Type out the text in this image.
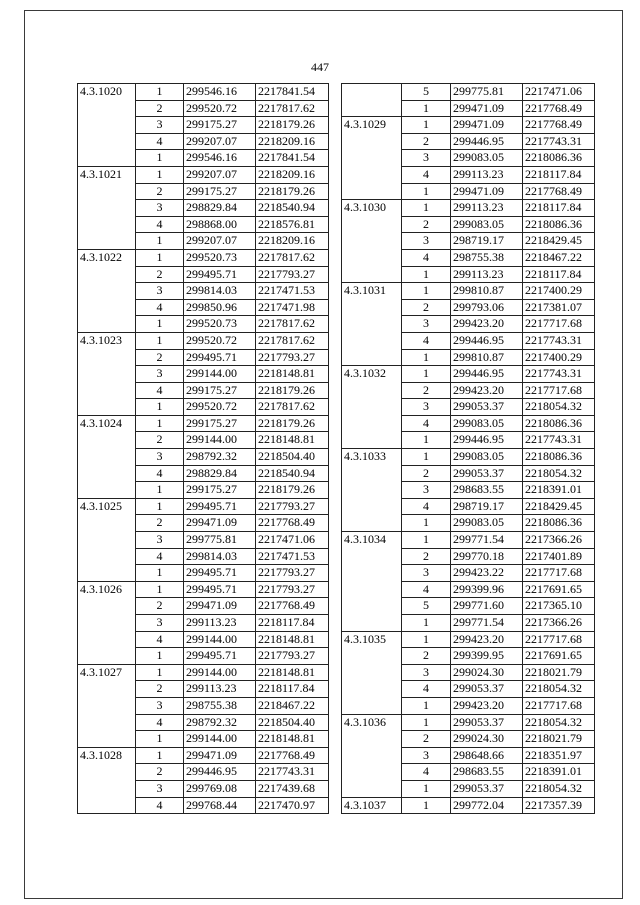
447
4.3.1020	1	299546.16	2217841.54
	2	299520.72	2217817.62
	3	299175.27	2218179.26
	4	299207.07	2218209.16
	1	299546.16	2217841.54
4.3.1021	1	299207.07	2218209.16
	2	299175.27	2218179.26
	3	298829.84	2218540.94
	4	298868.00	2218576.81
	1	299207.07	2218209.16
4.3.1022	1	299520.73	2217817.62
	2	299495.71	2217793.27
	3	299814.03	2217471.53
	4	299850.96	2217471.98
	1	299520.73	2217817.62
4.3.1023	1	299520.72	2217817.62
	2	299495.71	2217793.27
	3	299144.00	2218148.81
	4	299175.27	2218179.26
	1	299520.72	2217817.62
4.3.1024	1	299175.27	2218179.26
	2	299144.00	2218148.81
	3	298792.32	2218504.40
	4	298829.84	2218540.94
	1	299175.27	2218179.26
4.3.1025	1	299495.71	2217793.27
	2	299471.09	2217768.49
	3	299775.81	2217471.06
	4	299814.03	2217471.53
	1	299495.71	2217793.27
4.3.1026	1	299495.71	2217793.27
	2	299471.09	2217768.49
	3	299113.23	2218117.84
	4	299144.00	2218148.81
	1	299495.71	2217793.27
4.3.1027	1	299144.00	2218148.81
	2	299113.23	2218117.84
	3	298755.38	2218467.22
	4	298792.32	2218504.40
	1	299144.00	2218148.81
4.3.1028	1	299471.09	2217768.49
	2	299446.95	2217743.31
	3	299769.08	2217439.68
	4	299768.44	2217470.97
	5	299775.81	2217471.06
	1	299471.09	2217768.49
4.3.1029	1	299471.09	2217768.49
	2	299446.95	2217743.31
	3	299083.05	2218086.36
	4	299113.23	2218117.84
	1	299471.09	2217768.49
4.3.1030	1	299113.23	2218117.84
	2	299083.05	2218086.36
	3	298719.17	2218429.45
	4	298755.38	2218467.22
	1	299113.23	2218117.84
4.3.1031	1	299810.87	2217400.29
	2	299793.06	2217381.07
	3	299423.20	2217717.68
	4	299446.95	2217743.31
	1	299810.87	2217400.29
4.3.1032	1	299446.95	2217743.31
	2	299423.20	2217717.68
	3	299053.37	2218054.32
	4	299083.05	2218086.36
	1	299446.95	2217743.31
4.3.1033	1	299083.05	2218086.36
	2	299053.37	2218054.32
	3	298683.55	2218391.01
	4	298719.17	2218429.45
	1	299083.05	2218086.36
4.3.1034	1	299771.54	2217366.26
	2	299770.18	2217401.89
	3	299423.22	2217717.68
	4	299399.96	2217691.65
	5	299771.60	2217365.10
	1	299771.54	2217366.26
4.3.1035	1	299423.20	2217717.68
	2	299399.95	2217691.65
	3	299024.30	2218021.79
	4	299053.37	2218054.32
	1	299423.20	2217717.68
4.3.1036	1	299053.37	2218054.32
	2	299024.30	2218021.79
	3	298648.66	2218351.97
	4	298683.55	2218391.01
	1	299053.37	2218054.32
4.3.1037	1	299772.04	2217357.39
